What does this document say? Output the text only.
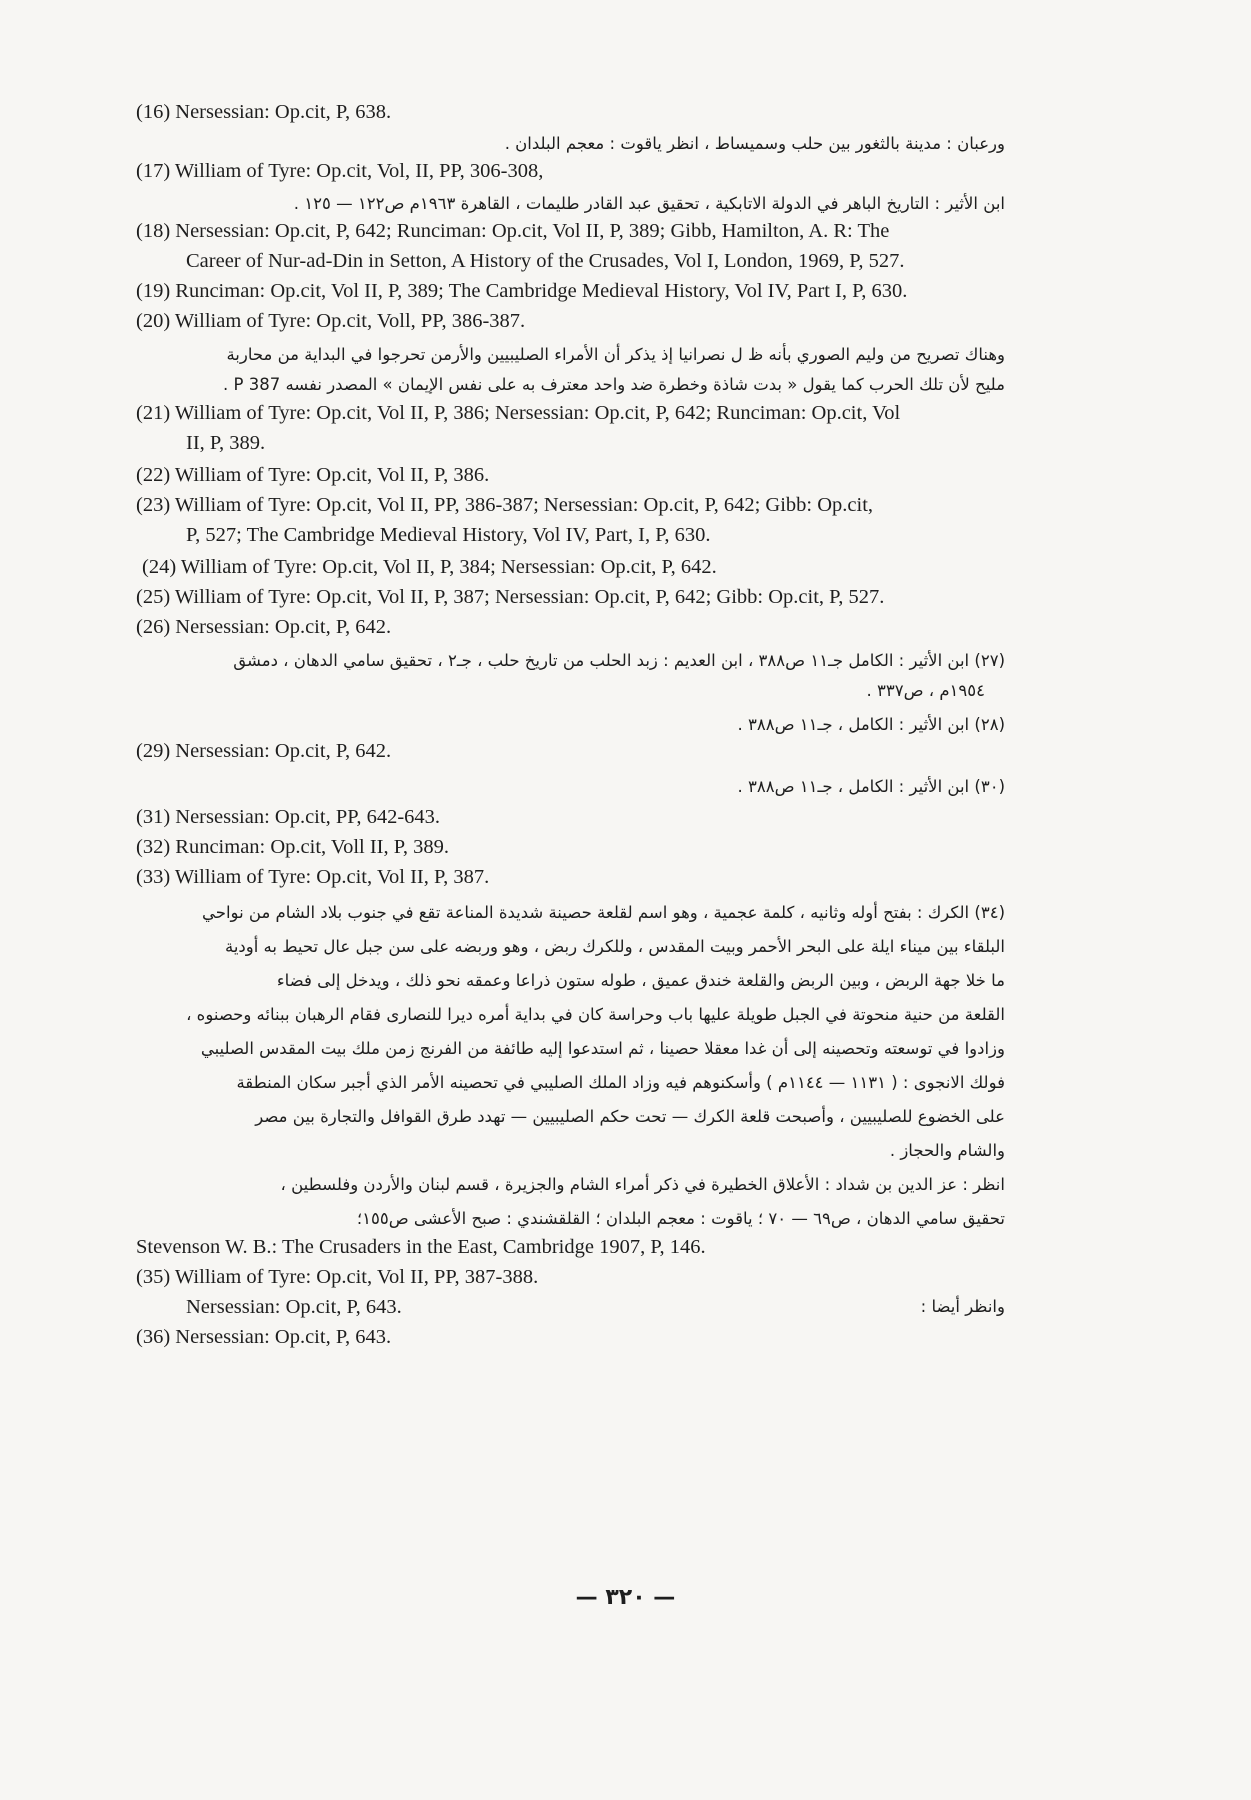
(16) Nersessian: Op.cit, P, 638.
ورعبان : مدينة بالثغور بين حلب وسميساط ، انظر ياقوت : معجم البلدان .
(17) William of Tyre: Op.cit, Vol, II, PP, 306-308,
ابن الأثير : التاريخ الباهر في الدولة الاتابكية ، تحقيق عبد القادر طليمات ، القاهرة ١٩٦٣م ص١٢٢ — ١٢٥ .
(18) Nersessian: Op.cit, P, 642; Runciman: Op.cit, Vol II, P, 389; Gibb, Hamilton, A. R: The
Career of Nur-ad-Din in Setton, A History of the Crusades, Vol I, London, 1969, P, 527.
(19) Runciman: Op.cit, Vol II, P, 389; The Cambridge Medieval History, Vol IV, Part I, P, 630.
(20) William of Tyre: Op.cit, Voll, PP, 386-387.
وهناك تصريح من وليم الصوري بأنه ظ ل نصرانيا إذ يذكر أن الأمراء الصليبيين والأرمن تحرجوا في البداية من محاربة
مليح لأن تلك الحرب كما يقول « بدت شاذة وخطرة ضد واحد معترف به على نفس الإيمان » المصدر نفسه P 387 .
(21) William of Tyre: Op.cit, Vol II, P, 386; Nersessian: Op.cit, P, 642; Runciman: Op.cit, Vol
II, P, 389.
(22) William of Tyre: Op.cit, Vol II, P, 386.
(23) William of Tyre: Op.cit, Vol II, PP, 386-387; Nersessian: Op.cit, P, 642; Gibb: Op.cit,
P, 527; The Cambridge Medieval History, Vol IV, Part, I, P, 630.
(24) William of Tyre: Op.cit, Vol II, P, 384; Nersessian: Op.cit, P, 642.
(25) William of Tyre: Op.cit, Vol II, P, 387; Nersessian: Op.cit, P, 642; Gibb: Op.cit, P, 527.
(26) Nersessian: Op.cit, P, 642.
(٢٧) ابن الأثير : الكامل جـ١١ ص٣٨٨ ، ابن العديم : زبد الحلب من تاريخ حلب ، جـ٢ ، تحقيق سامي الدهان ، دمشق
١٩٥٤م ، ص٣٣٧ .
(٢٨) ابن الأثير : الكامل ، جـ١١ ص٣٨٨ .
(29) Nersessian: Op.cit, P, 642.
(٣٠) ابن الأثير : الكامل ، جـ١١ ص٣٨٨ .
(31) Nersessian: Op.cit, PP, 642-643.
(32) Runciman: Op.cit, Voll II, P, 389.
(33) William of Tyre: Op.cit, Vol II, P, 387.
(٣٤) الكرك : بفتح أوله وثانيه ، كلمة عجمية ، وهو اسم لقلعة حصينة شديدة المناعة تقع في جنوب بلاد الشام من نواحي
البلقاء بين ميناء ايلة على البحر الأحمر وبيت المقدس ، وللكرك ربض ، وهو وربضه على سن جبل عال تحيط به أودية
ما خلا جهة الربض ، وبين الربض والقلعة خندق عميق ، طوله ستون ذراعا وعمقه نحو ذلك ، ويدخل إلى فضاء
القلعة من حنية منحوتة في الجبل طويلة عليها باب وحراسة كان في بداية أمره ديرا للنصارى فقام الرهبان ببنائه وحصنوه ،
وزادوا في توسعته وتحصينه إلى أن غدا معقلا حصينا ، ثم استدعوا إليه طائفة من الفرنج زمن ملك بيت المقدس الصليبي
فولك الانجوى : ( ١١٣١ — ١١٤٤م ) وأسكنوهم فيه وزاد الملك الصليبي في تحصينه الأمر الذي أجبر سكان المنطقة
على الخضوع للصليبيين ، وأصبحت قلعة الكرك — تحت حكم الصليبيين — تهدد طرق القوافل والتجارة بين مصر
والشام والحجاز .
انظر : عز الدين بن شداد : الأعلاق الخطيرة في ذكر أمراء الشام والجزيرة ، قسم لبنان والأردن وفلسطين ،
تحقيق سامي الدهان ، ص٦٩ — ٧٠ ؛ ياقوت : معجم البلدان ؛ القلقشندي : صبح الأعشى ص١٥٥؛
Stevenson W. B.: The Crusaders in the East, Cambridge 1907, P, 146.
(35) William of Tyre: Op.cit, Vol II, PP, 387-388.
Nersessian: Op.cit, P, 643.	وانظر أيضا :
(36) Nersessian: Op.cit, P, 643.
— ٣٢٠ —
